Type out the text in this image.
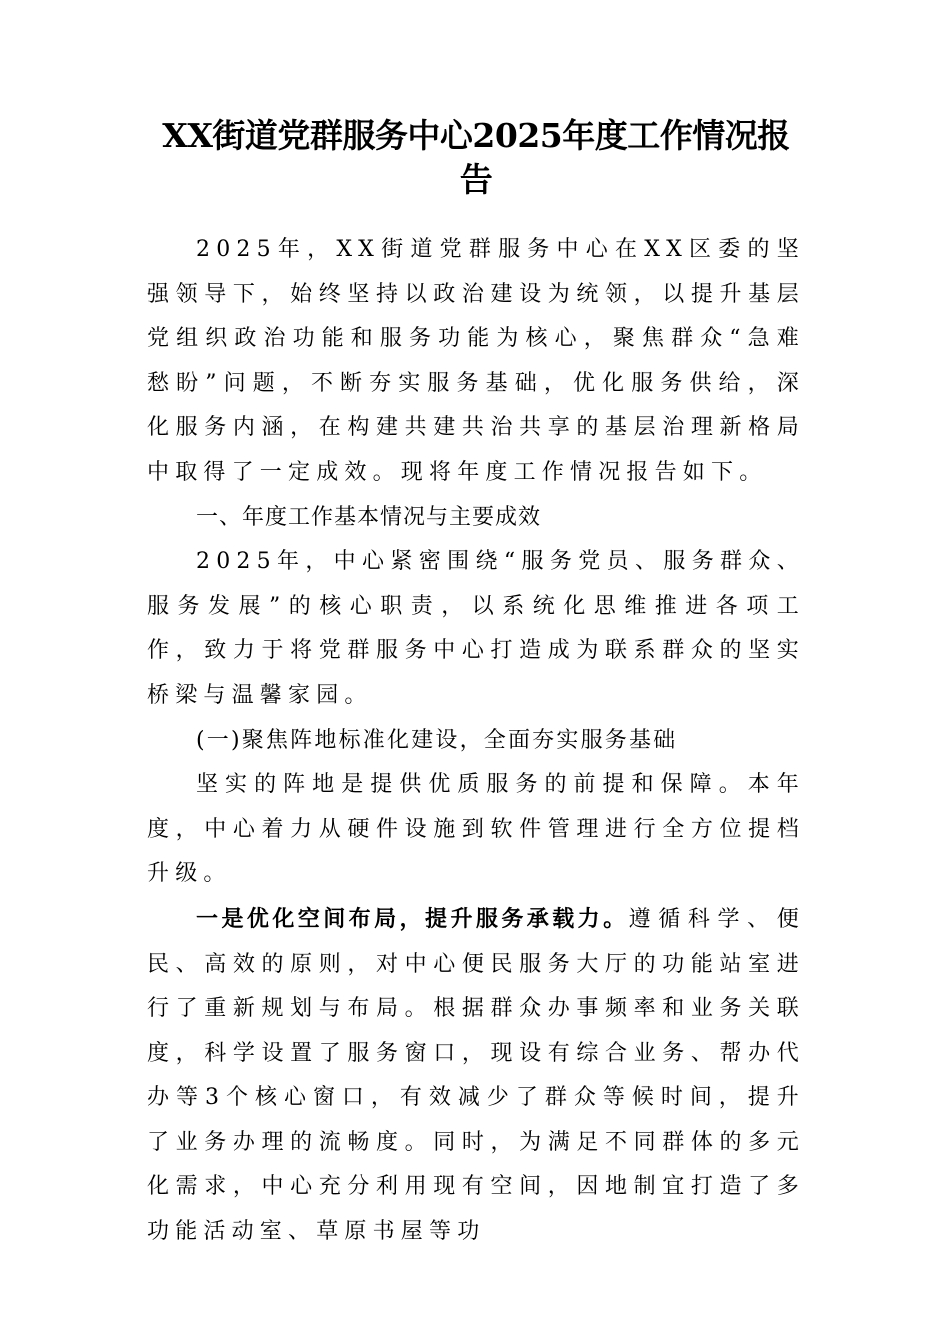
XX街道党群服务中心2025年度工作情况报告

2025年，XX街道党群服务中心在XX区委的坚强领导下，始终坚持以政治建设为统领，以提升基层党组织政治功能和服务功能为核心，聚焦群众“急难愁盼”问题，不断夯实服务基础，优化服务供给，深化服务内涵，在构建共建共治共享的基层治理新格局中取得了一定成效。现将年度工作情况报告如下。

一、年度工作基本情况与主要成效

2025年，中心紧密围绕“服务党员、服务群众、服务发展”的核心职责，以系统化思维推进各项工作，致力于将党群服务中心打造成为联系群众的坚实桥梁与温馨家园。

(一)聚焦阵地标准化建设，全面夯实服务基础

坚实的阵地是提供优质服务的前提和保障。本年度，中心着力从硬件设施到软件管理进行全方位提档升级。

一是优化空间布局，提升服务承载力。遵循科学、便民、高效的原则，对中心便民服务大厅的功能站室进行了重新规划与布局。根据群众办事频率和业务关联度，科学设置了服务窗口，现设有综合业务、帮办代办等3个核心窗口，有效减少了群众等候时间，提升了业务办理的流畅度。同时，为满足不同群体的多元化需求，中心充分利用现有空间，因地制宜打造了多功能活动室、草原书屋等功
